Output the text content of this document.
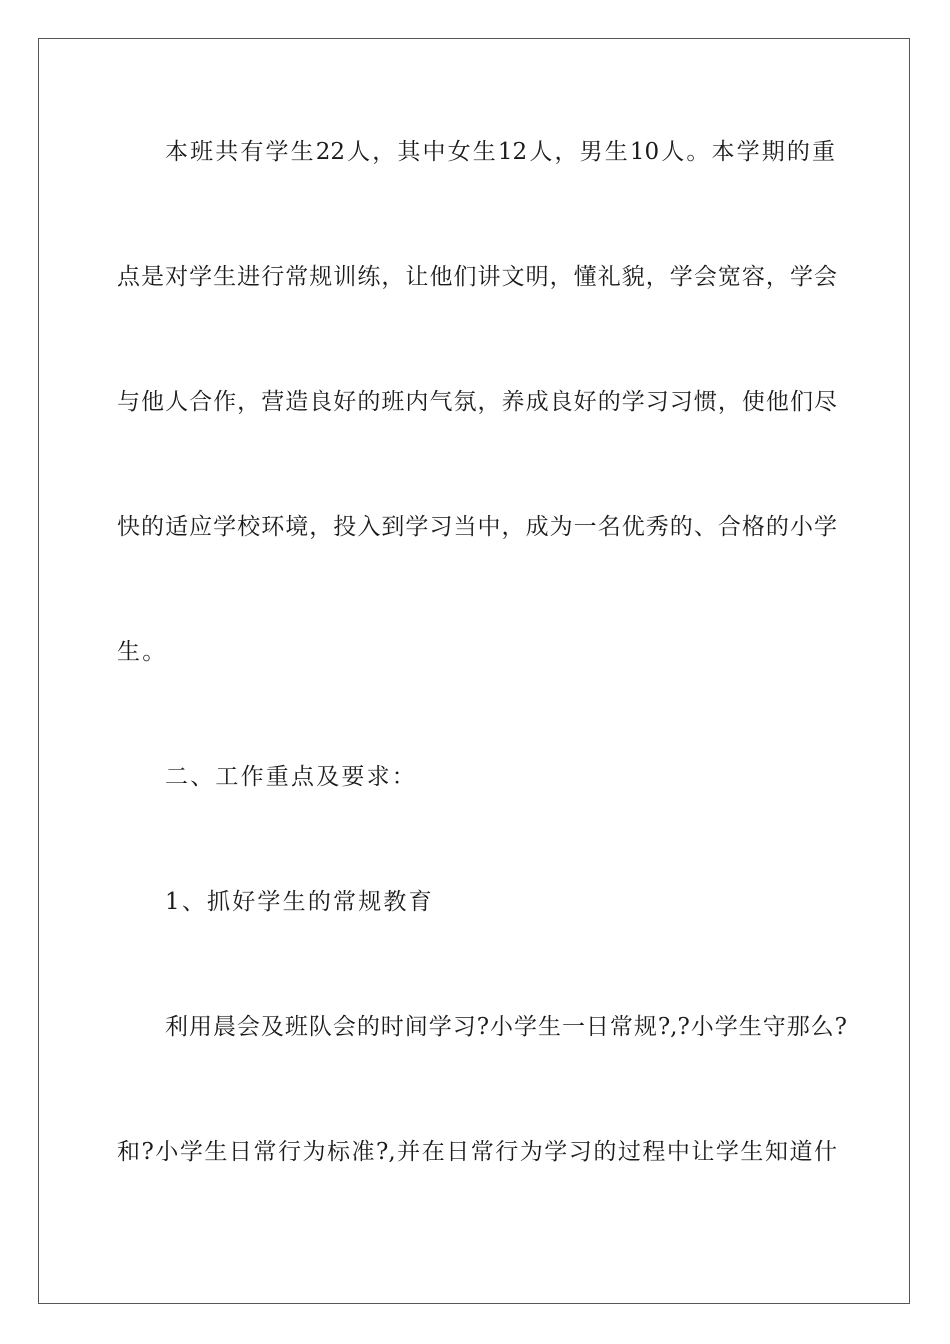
本班共有学生22人，其中女生12人，男生10人。本学期的重

点是对学生进行常规训练，让他们讲文明，懂礼貌，学会宽容，学会

与他人合作，营造良好的班内气氛，养成良好的学习习惯，使他们尽

快的适应学校环境，投入到学习当中，成为一名优秀的、合格的小学

生。

二、工作重点及要求：

1、抓好学生的常规教育

利用晨会及班队会的时间学习?小学生一日常规?,?小学生守那么?

和?小学生日常行为标准?,并在日常行为学习的过程中让学生知道什
